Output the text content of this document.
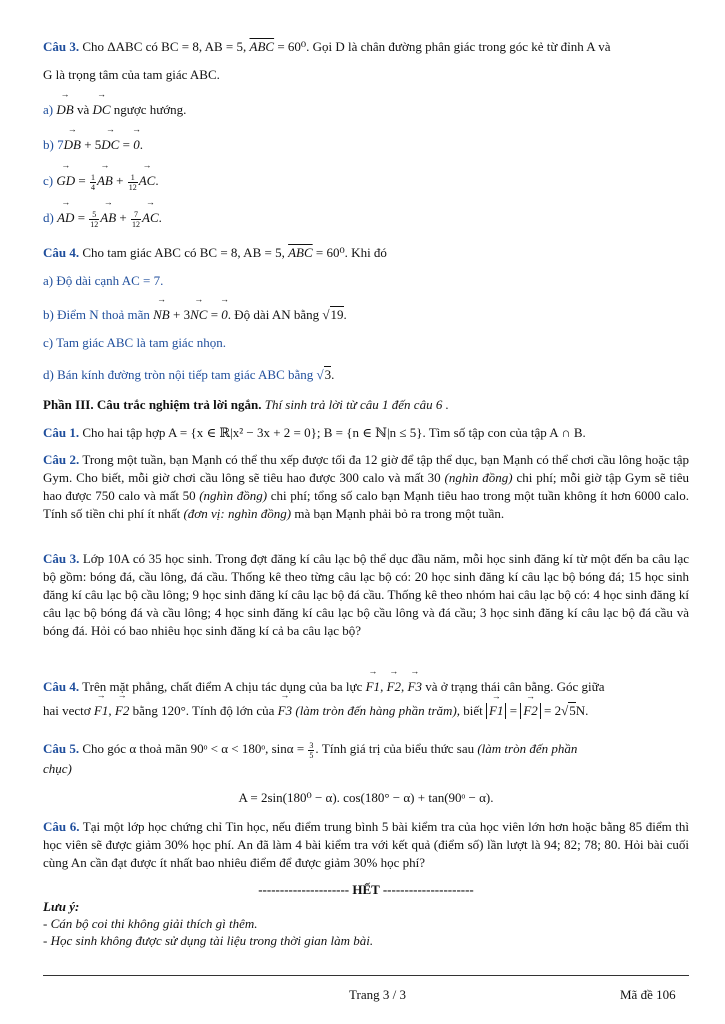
Câu 3. Cho ΔABC có BC = 8, AB = 5, $\overline{ABC} = 60^0$. Gọi D là chân đường phân giác trong góc kẻ từ đỉnh A và
G là trọng tâm của tam giác ABC.
a) → DB và → DC ngược hướng.
b) 7→ DB + 5→ DC = → 0.
c) → GD = $\frac{1}{4}$ → AB + $\frac{1}{12}$ → AC.
d) → AD = $\frac{5}{12}$ → AB + $\frac{7}{12}$ → AC.
Câu 4. Cho tam giác ABC có BC = 8, AB = 5, $\overline{ABC} = 60^0$. Khi đó
a) Độ dài cạnh AC = 7.
b) Điểm N thoả mãn → NB + 3→ NC = → 0. Độ dài AN bằng √19.
c) Tam giác ABC là tam giác nhọn.
d) Bán kính đường tròn nội tiếp tam giác ABC bằng √3.
Phần III. Câu trắc nghiệm trả lời ngắn. Thí sinh trả lời từ câu 1 đến câu 6 .
Câu 1. Cho hai tập hợp A = {x ∈ ℝ|x² − 3x + 2 = 0}; B = {n ∈ ℕ|n ≤ 5}. Tìm số tập con của tập A ∩ B.
Câu 2. Trong một tuần, bạn Mạnh có thể thu xếp được tối đa 12 giờ để tập thể dục, bạn Mạnh có thể chơi cầu lông hoặc tập Gym. Cho biết, mỗi giờ chơi cầu lông sẽ tiêu hao được 300 calo và mất 30 (nghìn đồng) chi phí; mỗi giờ tập Gym sẽ tiêu hao được 750 calo và mất 50 (nghìn đồng) chi phí; tổng số calo bạn Mạnh tiêu hao trong một tuần không ít hơn 6000 calo. Tính số tiền chi phí ít nhất (đơn vị: nghìn đồng) mà bạn Mạnh phải bỏ ra trong một tuần.
Câu 3. Lớp 10A có 35 học sinh. Trong đợt đăng kí câu lạc bộ thể dục đầu năm, mỗi học sinh đăng kí từ một đến ba câu lạc bộ gồm: bóng đá, cầu lông, đá cầu. Thống kê theo từng câu lạc bộ có: 20 học sinh đăng kí câu lạc bộ bóng đá; 15 học sinh đăng kí câu lạc bộ cầu lông; 9 học sinh đăng kí câu lạc bộ đá cầu. Thống kê theo nhóm hai câu lạc bộ có: 4 học sinh đăng kí câu lạc bộ bóng đá và cầu lông; 4 học sinh đăng kí câu lạc bộ cầu lông và đá cầu; 3 học sinh đăng kí câu lạc bộ đá cầu và bóng đá. Hỏi có bao nhiêu học sinh đăng kí cả ba câu lạc bộ?
Câu 4. Trên mặt phẳng, chất điểm A chịu tác dụng của ba lực → F1, → F2, → F3 và ở trạng thái cân bằng. Góc giữa
hai vectơ → F1, → F2 bằng 120°. Tính độ lớn của → F3 (làm tròn đến hàng phần trăm), biết → F1 = → F2 = 2√5N.
Câu 5. Cho góc α thoả mãn 90ᵒ < α < 180ᵒ, $\sin\alpha = \frac{3}{5}$ . Tính giá trị của biểu thức sau (làm tròn đến phần
chục)
A = 2sin(180⁰ − α). cos(180° − α) + tan(90ᵒ − α).
Câu 6. Tại một lớp học chứng chỉ Tin học, nếu điểm trung bình 5 bài kiểm tra của học viên lớn hơn hoặc bằng 85 điểm thì học viên sẽ được giảm 30% học phí. An đã làm 4 bài kiểm tra với kết quả (điểm số) lần lượt là 94; 82; 78; 80. Hỏi bài cuối cùng An cần đạt được ít nhất bao nhiêu điểm để được giảm 30% học phí?
--------------------- HẾT ---------------------
Lưu ý:
- Cán bộ coi thi không giải thích gì thêm.
- Học sinh không được sử dụng tài liệu trong thời gian làm bài.
Trang 3 / 3	Mã đề 106
